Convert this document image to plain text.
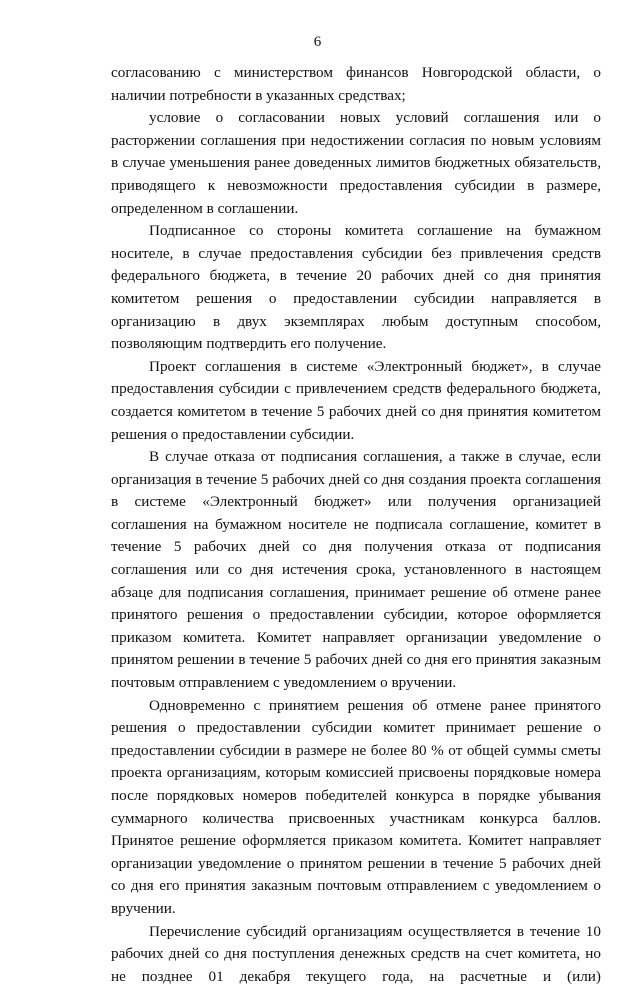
6

согласованию с министерством финансов Новгородской области, о наличии потребности в указанных средствах;

условие о согласовании новых условий соглашения или о расторжении соглашения при недостижении согласия по новым условиям в случае уменьшения ранее доведенных лимитов бюджетных обязательств, приводящего к невозможности предоставления субсидии в размере, определенном в соглашении.

Подписанное со стороны комитета соглашение на бумажном носителе, в случае предоставления субсидии без привлечения средств федерального бюджета, в течение 20 рабочих дней со дня принятия комитетом решения о предоставлении субсидии направляется в организацию в двух экземплярах любым доступным способом, позволяющим подтвердить его получение.

Проект соглашения в системе «Электронный бюджет», в случае предоставления субсидии с привлечением средств федерального бюджета, создается комитетом в течение 5 рабочих дней со дня принятия комитетом решения о предоставлении субсидии.

В случае отказа от подписания соглашения, а также в случае, если организация в течение 5 рабочих дней со дня создания проекта соглашения в системе «Электронный бюджет» или получения организацией соглашения на бумажном носителе не подписала соглашение, комитет в течение 5 рабочих дней со дня получения отказа от подписания соглашения или со дня истечения срока, установленного в настоящем абзаце для подписания соглашения, принимает решение об отмене ранее принятого решения о предоставлении субсидии, которое оформляется приказом комитета. Комитет направляет организации уведомление о принятом решении в течение 5 рабочих дней со дня его принятия заказным почтовым отправлением с уведомлением о вручении.

Одновременно с принятием решения об отмене ранее принятого решения о предоставлении субсидии комитет принимает решение о предоставлении субсидии в размере не более 80 % от общей суммы сметы проекта организациям, которым комиссией присвоены порядковые номера после порядковых номеров победителей конкурса в порядке убывания суммарного количества присвоенных участникам конкурса баллов. Принятое решение оформляется приказом комитета. Комитет направляет организации уведомление о принятом решении в течение 5 рабочих дней со дня его принятия заказным почтовым отправлением с уведомлением о вручении.

Перечисление субсидий организациям осуществляется в течение 10 рабочих дней со дня поступления денежных средств на счет комитета, но не позднее 01 декабря текущего года, на расчетные и (или)
